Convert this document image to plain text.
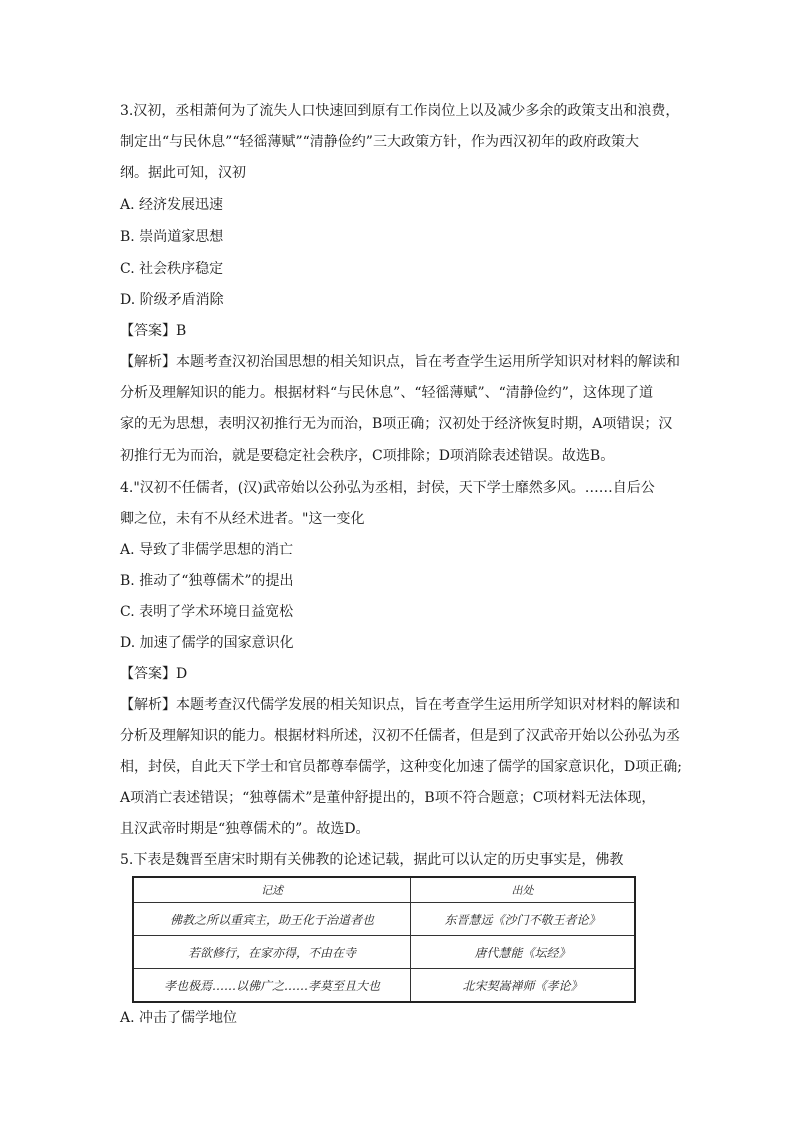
3.汉初，丞相萧何为了流失人口快速回到原有工作岗位上以及减少多余的政策支出和浪费，
制定出“与民休息”“轻徭薄赋”“清静俭约”三大政策方针，作为西汉初年的政府政策大
纲。据此可知，汉初
A. 经济发展迅速
B. 崇尚道家思想
C. 社会秩序稳定
D. 阶级矛盾消除
【答案】B
【解析】本题考查汉初治国思想的相关知识点，旨在考查学生运用所学知识对材料的解读和
分析及理解知识的能力。根据材料“与民休息”、“轻徭薄赋”、“清静俭约”，这体现了道
家的无为思想，表明汉初推行无为而治，B项正确；汉初处于经济恢复时期，A项错误；汉
初推行无为而治，就是要稳定社会秩序，C项排除；D项消除表述错误。故选B。
4."汉初不任儒者，(汉)武帝始以公孙弘为丞相，封侯，天下学士靡然多风。……自后公
卿之位，未有不从经术进者。"这一变化
A. 导致了非儒学思想的消亡
B. 推动了“独尊儒术”的提出
C. 表明了学术环境日益宽松
D. 加速了儒学的国家意识化
【答案】D
【解析】本题考查汉代儒学发展的相关知识点，旨在考查学生运用所学知识对材料的解读和
分析及理解知识的能力。根据材料所述，汉初不任儒者，但是到了汉武帝开始以公孙弘为丞
相，封侯，自此天下学士和官员都尊奉儒学，这种变化加速了儒学的国家意识化，D项正确;
A项消亡表述错误；“独尊儒术”是董仲舒提出的，B项不符合题意；C项材料无法体现，
且汉武帝时期是“独尊儒术的”。故选D。
5.下表是魏晋至唐宋时期有关佛教的论述记载，据此可以认定的历史事实是，佛教
记述	出处
佛教之所以重宾主，助王化于治道者也	东晋慧远《沙门不敬王者论》
若欲修行，在家亦得，不由在寺	唐代慧能《坛经》
孝也极焉……以佛广之……孝莫至且大也	北宋契嵩禅师《孝论》
A. 冲击了儒学地位
